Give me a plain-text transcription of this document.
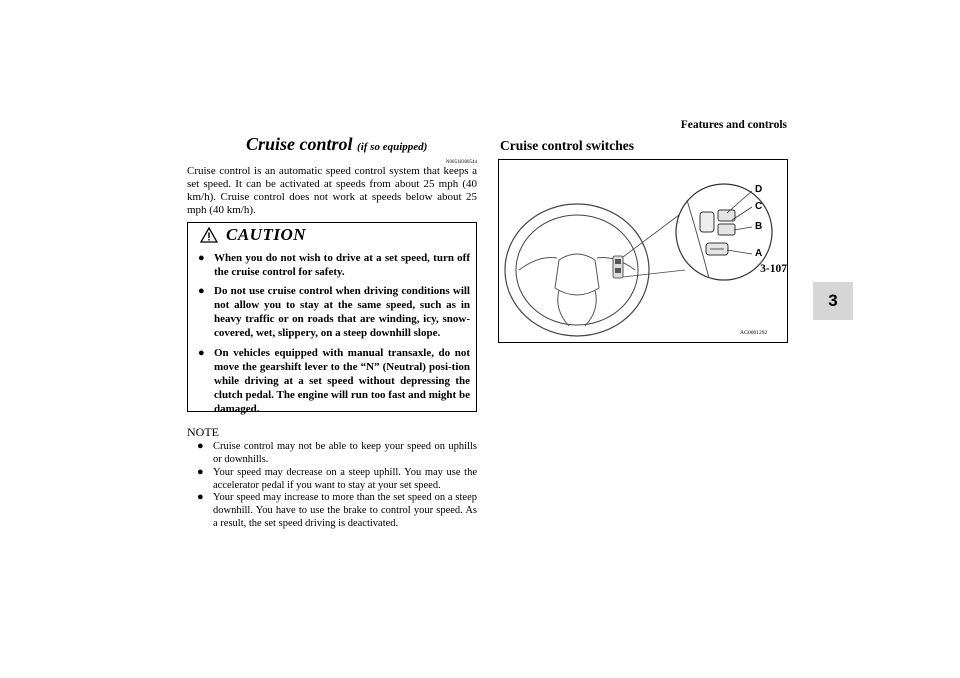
Features and controls
3-107
3
Cruise control (if so equipped)
N00518300544

Cruise control is an automatic speed control system that keeps a set speed. It can be activated at speeds from about 25 mph (40 km/h). Cruise control does not work at speeds below about 25 mph (40 km/h).

CAUTION
● When you do not wish to drive at a set speed, turn off the cruise control for safety.
● Do not use cruise control when driving conditions will not allow you to stay at the same speed, such as in heavy traffic or on roads that are winding, icy, snow-covered, wet, slippery, on a steep downhill slope.
● On vehicles equipped with manual transaxle, do not move the gearshift lever to the “N” (Neutral) posi-tion while driving at a set speed without depressing the clutch pedal. The engine will run too fast and might be damaged.
NOTE
● Cruise control may not be able to keep your speed on uphills or downhills.
● Your speed may decrease on a steep uphill. You may use the accelerator pedal if you want to stay at your set speed.
● Your speed may increase to more than the set speed on a steep downhill. You have to use the brake to control your speed. As a result, the set speed driving is deactivated.
Cruise control switches
D
C
B
A
AG0001292
